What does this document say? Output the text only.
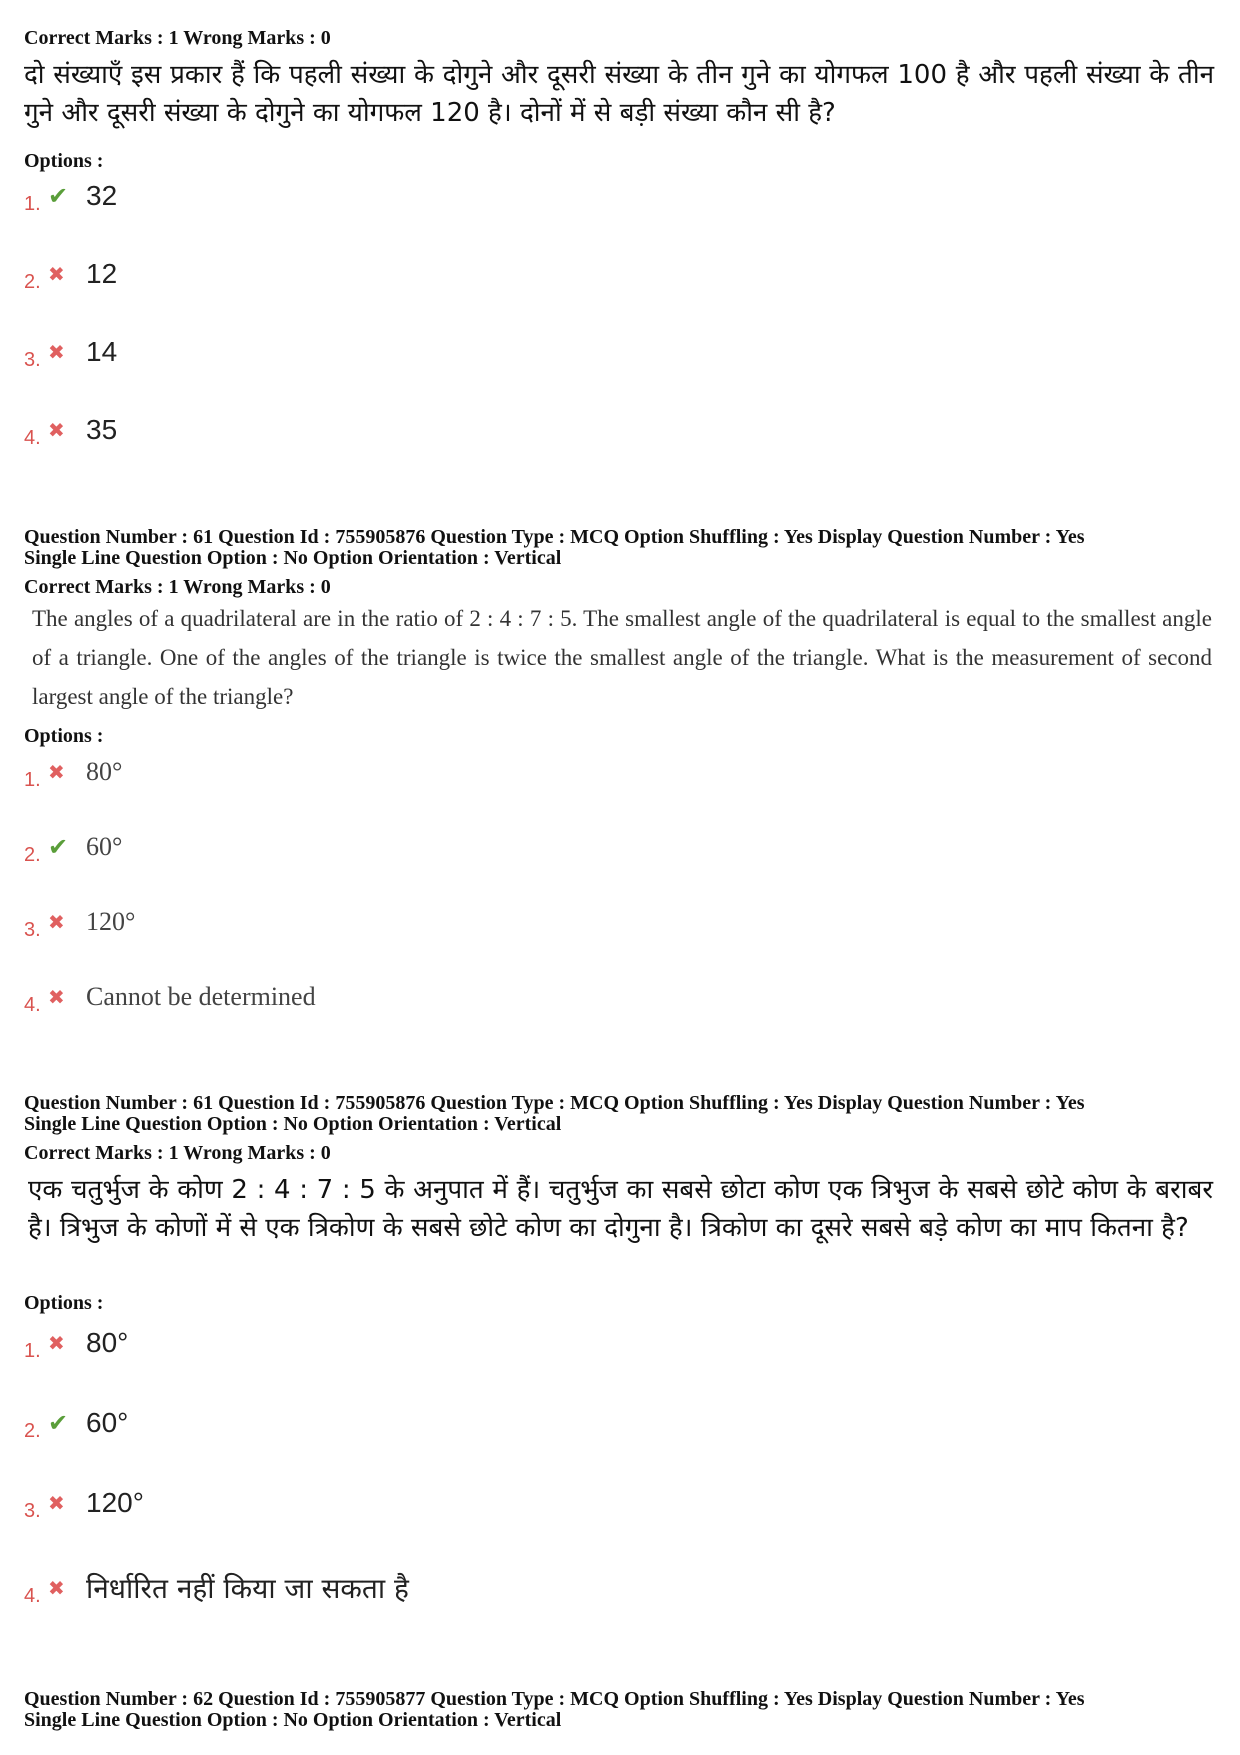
Correct Marks : 1 Wrong Marks : 0

दो संख्याएँ इस प्रकार हैं कि पहली संख्या के दोगुने और दूसरी संख्या के तीन गुने का योगफल 100 है और पहली संख्या के तीन गुने और दूसरी संख्या के दोगुने का योगफल 120 है। दोनों में से बड़ी संख्या कौन सी है?

Options :

1. ✔ 32
2. ✖ 12
3. ✖ 14
4. ✖ 35

Question Number : 61 Question Id : 755905876 Question Type : MCQ Option Shuffling : Yes Display Question Number : Yes

Single Line Question Option : No Option Orientation : Vertical

Correct Marks : 1 Wrong Marks : 0

The angles of a quadrilateral are in the ratio of 2 : 4 : 7 : 5. The smallest angle of the quadrilateral is equal to the smallest angle of a triangle. One of the angles of the triangle is twice the smallest angle of the triangle. What is the measurement of second largest angle of the triangle?

Options :

1. ✖ 80°
2. ✔ 60°
3. ✖ 120°
4. ✖ Cannot be determined

Question Number : 61 Question Id : 755905876 Question Type : MCQ Option Shuffling : Yes Display Question Number : Yes

Single Line Question Option : No Option Orientation : Vertical

Correct Marks : 1 Wrong Marks : 0

एक चतुर्भुज के कोण 2 : 4 : 7 : 5 के अनुपात में हैं। चतुर्भुज का सबसे छोटा कोण एक त्रिभुज के सबसे छोटे कोण के बराबर है। त्रिभुज के कोणों में से एक त्रिकोण के सबसे छोटे कोण का दोगुना है। त्रिकोण का दूसरे सबसे बड़े कोण का माप कितना है?

Options :

1. ✖ 80°
2. ✔ 60°
3. ✖ 120°
4. ✖ निर्धारित नहीं किया जा सकता है

Question Number : 62 Question Id : 755905877 Question Type : MCQ Option Shuffling : Yes Display Question Number : Yes

Single Line Question Option : No Option Orientation : Vertical
